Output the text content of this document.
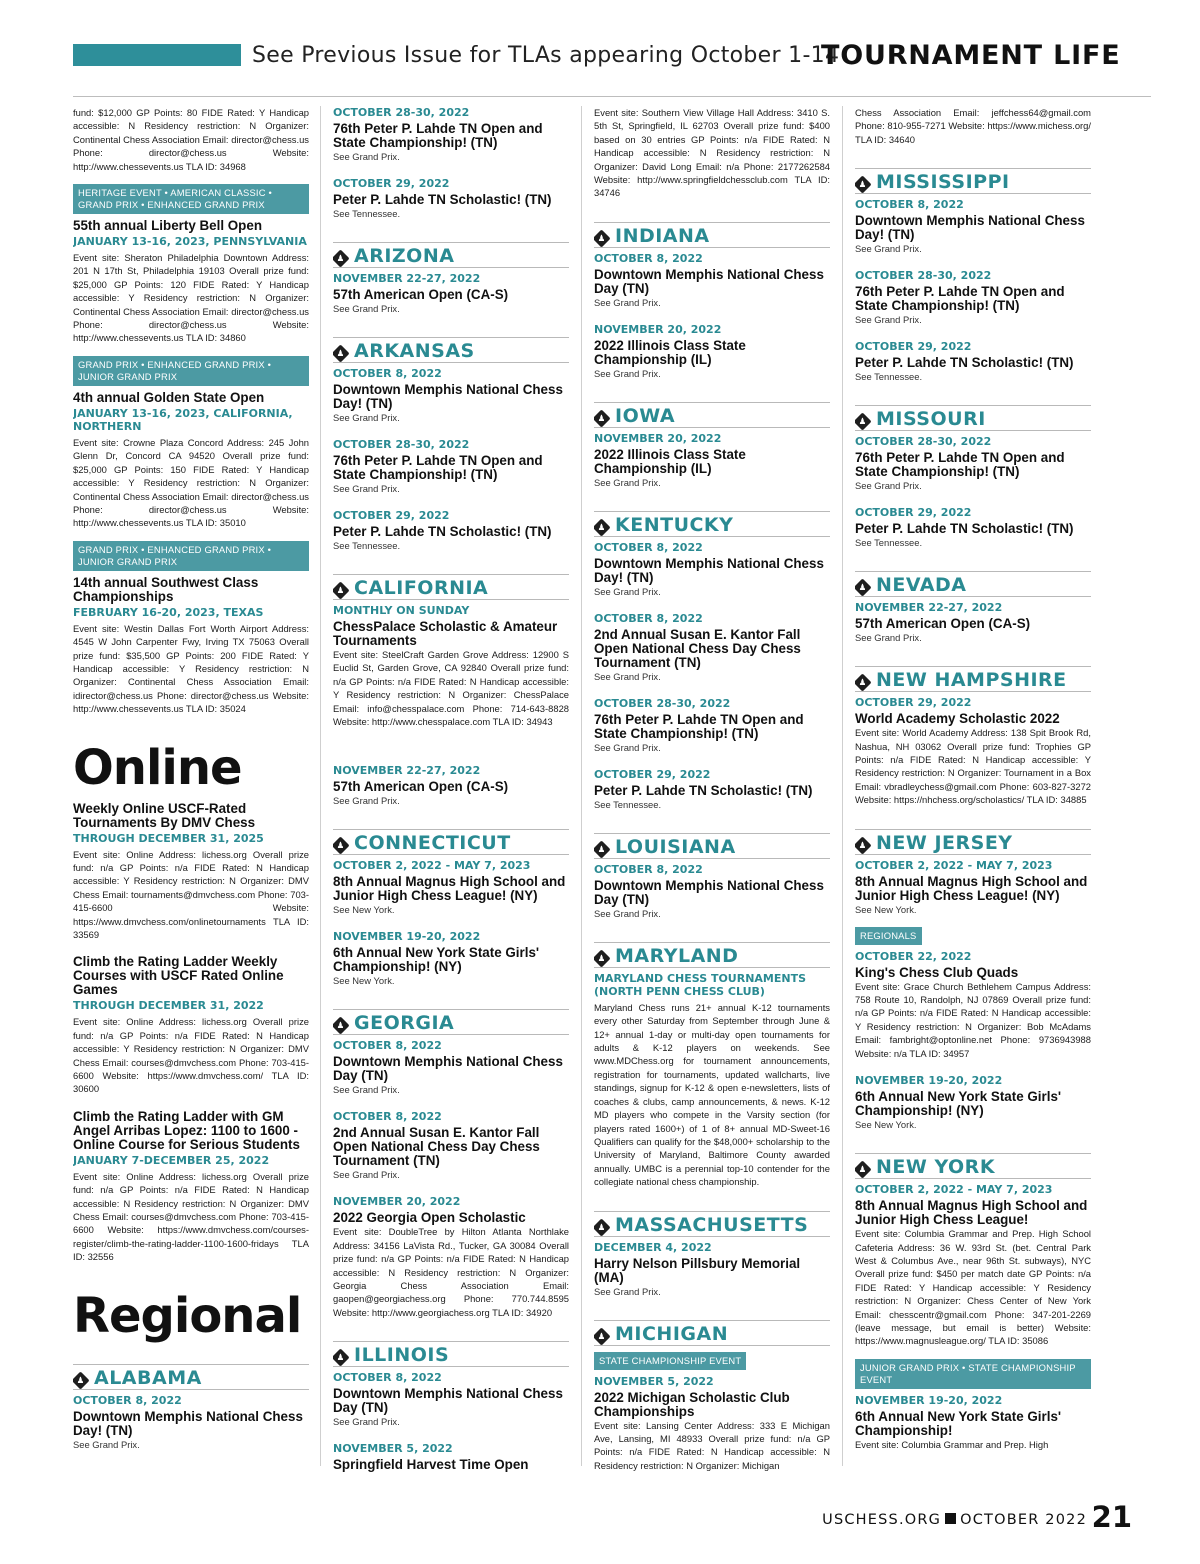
See Previous Issue for TLAs appearing October 1-14
TOURNAMENT LIFE

fund: $12,000 GP Points: 80 FIDE Rated: Y Handicap accessible: N Residency restriction: N Organizer: Continental Chess Association Email: director@chess.us Phone: director@chess.us Website: http://www.chessevents.us TLA ID: 34968

HERITAGE EVENT • AMERICAN CLASSIC • GRAND PRIX • ENHANCED GRAND PRIX
55th annual Liberty Bell Open
JANUARY 13-16, 2023, PENNSYLVANIA

Event site: Sheraton Philadelphia Downtown Address: 201 N 17th St, Philadelphia 19103 Overall prize fund: $25,000 GP Points: 120 FIDE Rated: Y Handicap accessible: Y Residency restriction: N Organizer: Continental Chess Association Email: director@chess.us Phone: director@chess.us Website: http://www.chessevents.us TLA ID: 34860

GRAND PRIX • ENHANCED GRAND PRIX • JUNIOR GRAND PRIX
4th annual Golden State Open
JANUARY 13-16, 2023, CALIFORNIA, NORTHERN

Event site: Crowne Plaza Concord Address: 245 John Glenn Dr, Concord CA 94520 Overall prize fund: $25,000 GP Points: 150 FIDE Rated: Y Handicap accessible: Y Residency restriction: N Organizer: Continental Chess Association Email: director@chess.us Phone: director@chess.us Website: http://www.chessevents.us TLA ID: 35010

GRAND PRIX • ENHANCED GRAND PRIX • JUNIOR GRAND PRIX
14th annual Southwest Class Championships
FEBRUARY 16-20, 2023, TEXAS

Event site: Westin Dallas Fort Worth Airport Address: 4545 W John Carpenter Fwy, Irving TX 75063 Overall prize fund: $35,500 GP Points: 200 FIDE Rated: Y Handicap accessible: Y Residency restriction: N Organizer: Continental Chess Association Email: idirector@chess.us Phone: director@chess.us Website: http://www.chessevents.us TLA ID: 35024

Online
Weekly Online USCF-Rated Tournaments By DMV Chess
THROUGH DECEMBER 31, 2025

Event site: Online Address: lichess.org Overall prize fund: n/a GP Points: n/a FIDE Rated: N Handicap accessible: Y Residency restriction: N Organizer: DMV Chess Email: tournaments@dmvchess.com Phone: 703-415-6600 Website: https://www.dmvchess.com/onlinetournaments TLA ID: 33569

Climb the Rating Ladder Weekly Courses with USCF Rated Online Games
THROUGH DECEMBER 31, 2022

Event site: Online Address: lichess.org Overall prize fund: n/a GP Points: n/a FIDE Rated: N Handicap accessible: Y Residency restriction: N Organizer: DMV Chess Email: courses@dmvchess.com Phone: 703-415-6600 Website: https://www.dmvchess.com/ TLA ID: 30600

Climb the Rating Ladder with GM Angel Arribas Lopez: 1100 to 1600 - Online Course for Serious Students
JANUARY 7-DECEMBER 25, 2022

Event site: Online Address: lichess.org Overall prize fund: n/a GP Points: n/a FIDE Rated: N Handicap accessible: N Residency restriction: N Organizer: DMV Chess Email: courses@dmvchess.com Phone: 703-415-6600 Website: https://www.dmvchess.com/courses-register/climb-the-rating-ladder-1100-1600-fridays TLA ID: 32556

Regional
♟ ALABAMA
OCTOBER 8, 2022
Downtown Memphis National Chess Day! (TN)
See Grand Prix.
OCTOBER 28-30, 2022
76th Peter P. Lahde TN Open and State Championship! (TN)
See Grand Prix.
OCTOBER 29, 2022
Peter P. Lahde TN Scholastic! (TN)
See Tennessee.
♟ ARIZONA
NOVEMBER 22-27, 2022
57th American Open (CA-S)
See Grand Prix.
♟ ARKANSAS
OCTOBER 8, 2022
Downtown Memphis National Chess Day! (TN)
See Grand Prix.
OCTOBER 28-30, 2022
76th Peter P. Lahde TN Open and State Championship! (TN)
See Grand Prix.
OCTOBER 29, 2022
Peter P. Lahde TN Scholastic! (TN)
See Tennessee.
♟ CALIFORNIA
MONTHLY ON SUNDAY
ChessPalace Scholastic & Amateur Tournaments

Event site: SteelCraft Garden Grove Address: 12900 S Euclid St, Garden Grove, CA 92840 Overall prize fund: n/a GP Points: n/a FIDE Rated: N Handicap accessible: Y Residency restriction: N Organizer: ChessPalace Email: info@chesspalace.com Phone: 714-643-8828 Website: http://www.chesspalace.com TLA ID: 34943

NOVEMBER 22-27, 2022
57th American Open (CA-S)
See Grand Prix.
♟ CONNECTICUT
OCTOBER 2, 2022 - MAY 7, 2023
8th Annual Magnus High School and Junior High Chess League! (NY)
See New York.
NOVEMBER 19-20, 2022
6th Annual New York State Girls' Championship! (NY)
See New York.
♟ GEORGIA
OCTOBER 8, 2022
Downtown Memphis National Chess Day (TN)
See Grand Prix.
OCTOBER 8, 2022
2nd Annual Susan E. Kantor Fall Open National Chess Day Chess Tournament (TN)
See Grand Prix.
NOVEMBER 20, 2022
2022 Georgia Open Scholastic

Event site: DoubleTree by Hilton Atlanta Northlake Address: 34156 LaVista Rd., Tucker, GA 30084 Overall prize fund: n/a GP Points: n/a FIDE Rated: N Handicap accessible: N Residency restriction: N Organizer: Georgia Chess Association Email: gaopen@georgiachess.org Phone: 770.744.8595 Website: http://www.georgiachess.org TLA ID: 34920

♟ ILLINOIS
OCTOBER 8, 2022
Downtown Memphis National Chess Day (TN)
See Grand Prix.
NOVEMBER 5, 2022
Springfield Harvest Time Open

Event site: Southern View Village Hall Address: 3410 S. 5th St, Springfield, IL 62703 Overall prize fund: $400 based on 30 entries GP Points: n/a FIDE Rated: N Handicap accessible: N Residency restriction: N Organizer: David Long Email: n/a Phone: 2177262584 Website: http://www.springfieldchessclub.com TLA ID: 34746

♟ INDIANA
OCTOBER 8, 2022
Downtown Memphis National Chess Day (TN)
See Grand Prix.
NOVEMBER 20, 2022
2022 Illinois Class State Championship (IL)
See Grand Prix.
♟ IOWA
NOVEMBER 20, 2022
2022 Illinois Class State Championship (IL)
See Grand Prix.
♟ KENTUCKY
OCTOBER 8, 2022
Downtown Memphis National Chess Day! (TN)
See Grand Prix.
OCTOBER 8, 2022
2nd Annual Susan E. Kantor Fall Open National Chess Day Chess Tournament (TN)
See Grand Prix.
OCTOBER 28-30, 2022
76th Peter P. Lahde TN Open and State Championship! (TN)
See Grand Prix.
OCTOBER 29, 2022
Peter P. Lahde TN Scholastic! (TN)
See Tennessee.
♟ LOUISIANA
OCTOBER 8, 2022
Downtown Memphis National Chess Day (TN)
See Grand Prix.
♟ MARYLAND
MARYLAND CHESS TOURNAMENTS (NORTH PENN CHESS CLUB)

Maryland Chess runs 21+ annual K-12 tournaments every other Saturday from September through June & 12+ annual 1-day or multi-day open tournaments for adults & K-12 players on weekends. See www.MDChess.org for tournament announcements, registration for tournaments, updated wallcharts, live standings, signup for K-12 & open e-newsletters, lists of coaches & clubs, camp announcements, & news. K-12 MD players who compete in the Varsity section (for players rated 1600+) of 1 of 8+ annual MD-Sweet-16 Qualifiers can qualify for the $48,000+ scholarship to the University of Maryland, Baltimore County awarded annually. UMBC is a perennial top-10 contender for the collegiate national chess championship.

♟ MASSACHUSETTS
DECEMBER 4, 2022
Harry Nelson Pillsbury Memorial (MA)
See Grand Prix.
♟ MICHIGAN
STATE CHAMPIONSHIP EVENT
NOVEMBER 5, 2022
2022 Michigan Scholastic Club Championships

Event site: Lansing Center Address: 333 E Michigan Ave, Lansing, MI 48933 Overall prize fund: n/a GP Points: n/a FIDE Rated: N Handicap accessible: N Residency restriction: N Organizer: Michigan

Chess Association Email: jeffchess64@gmail.com Phone: 810-955-7271 Website: https://www.michess.org/ TLA ID: 34640

♟ MISSISSIPPI
OCTOBER 8, 2022
Downtown Memphis National Chess Day! (TN)
See Grand Prix.
OCTOBER 28-30, 2022
76th Peter P. Lahde TN Open and State Championship! (TN)
See Grand Prix.
OCTOBER 29, 2022
Peter P. Lahde TN Scholastic! (TN)
See Tennessee.
♟ MISSOURI
OCTOBER 28-30, 2022
76th Peter P. Lahde TN Open and State Championship! (TN)
See Grand Prix.
OCTOBER 29, 2022
Peter P. Lahde TN Scholastic! (TN)
See Tennessee.
♟ NEVADA
NOVEMBER 22-27, 2022
57th American Open (CA-S)
See Grand Prix.
♟ NEW HAMPSHIRE
OCTOBER 29, 2022
World Academy Scholastic 2022

Event site: World Academy Address: 138 Spit Brook Rd, Nashua, NH 03062 Overall prize fund: Trophies GP Points: n/a FIDE Rated: N Handicap accessible: Y Residency restriction: N Organizer: Tournament in a Box Email: vbradleychess@gmail.com Phone: 603-827-3272 Website: https://nhchess.org/scholastics/ TLA ID: 34885

♟ NEW JERSEY
OCTOBER 2, 2022 - MAY 7, 2023
8th Annual Magnus High School and Junior High Chess League! (NY)
See New York.
REGIONALS
OCTOBER 22, 2022
King's Chess Club Quads

Event site: Grace Church Bethlehem Campus Address: 758 Route 10, Randolph, NJ 07869 Overall prize fund: n/a GP Points: n/a FIDE Rated: N Handicap accessible: Y Residency restriction: N Organizer: Bob McAdams Email: fambright@optonline.net Phone: 9736943988 Website: n/a TLA ID: 34957

NOVEMBER 19-20, 2022
6th Annual New York State Girls' Championship! (NY)
See New York.
♟ NEW YORK
OCTOBER 2, 2022 - MAY 7, 2023
8th Annual Magnus High School and Junior High Chess League!

Event site: Columbia Grammar and Prep. High School Cafeteria Address: 36 W. 93rd St. (bet. Central Park West & Columbus Ave., near 96th St. subways), NYC Overall prize fund: $450 per match date GP Points: n/a FIDE Rated: Y Handicap accessible: Y Residency restriction: N Organizer: Chess Center of New York Email: chesscentr@gmail.com Phone: 347-201-2269 (leave message, but email is better) Website: https://www.magnusleague.org/ TLA ID: 35086

JUNIOR GRAND PRIX • STATE CHAMPIONSHIP EVENT
NOVEMBER 19-20, 2022
6th Annual New York State Girls' Championship!

Event site: Columbia Grammar and Prep. High

USCHESS.ORG OCTOBER 2022 21
